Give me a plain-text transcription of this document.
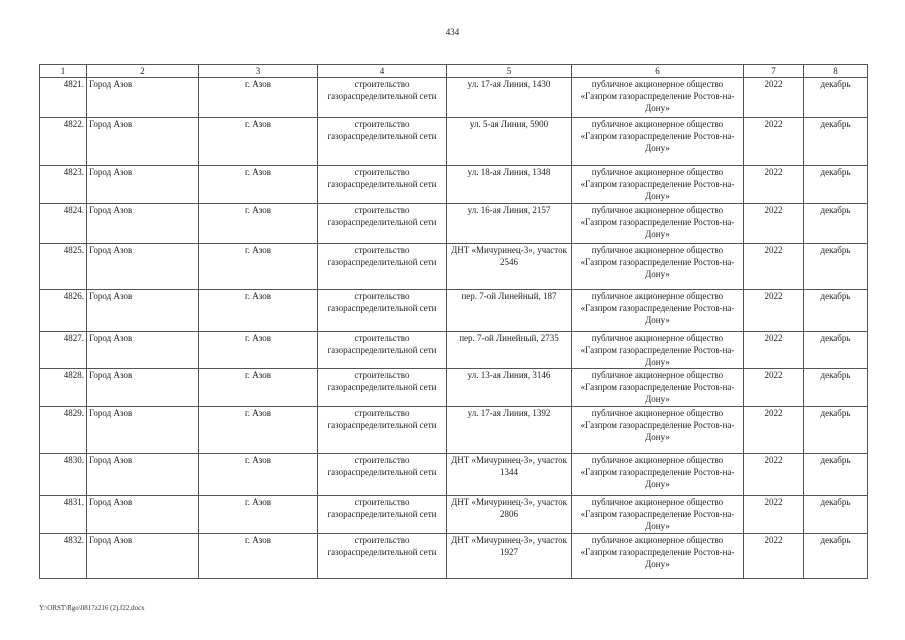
434
1	2	3	4	5	6	7	8
4821.	Город Азов	г. Азов	строительство газораспределительной сети	ул. 17-ая Линия, 1430	публичное акционерное общество «Газпром газораспределение Ростов-на-Дону»	2022	декабрь
4822.	Город Азов	г. Азов	строительство газораспределительной сети	ул. 5-ая Линия, 5900	публичное акционерное общество «Газпром газораспределение Ростов-на-Дону»	2022	декабрь
4823.	Город Азов	г. Азов	строительство газораспределительной сети	ул. 18-ая Линия, 1348	публичное акционерное общество «Газпром газораспределение Ростов-на-Дону»	2022	декабрь
4824.	Город Азов	г. Азов	строительство газораспределительной сети	ул. 16-ая Линия, 2157	публичное акционерное общество «Газпром газораспределение Ростов-на-Дону»	2022	декабрь
4825.	Город Азов	г. Азов	строительство газораспределительной сети	ДНТ «Мичуринец-3», участок 2546	публичное акционерное общество «Газпром газораспределение Ростов-на-Дону»	2022	декабрь
4826.	Город Азов	г. Азов	строительство газораспределительной сети	пер. 7-ой Линейный, 187	публичное акционерное общество «Газпром газораспределение Ростов-на-Дону»	2022	декабрь
4827.	Город Азов	г. Азов	строительство газораспределительной сети	пер. 7-ой Линейный, 2735	публичное акционерное общество «Газпром газораспределение Ростов-на-Дону»	2022	декабрь
4828.	Город Азов	г. Азов	строительство газораспределительной сети	ул. 13-ая Линия, 3146	публичное акционерное общество «Газпром газораспределение Ростов-на-Дону»	2022	декабрь
4829.	Город Азов	г. Азов	строительство газораспределительной сети	ул. 17-ая Линия, 1392	публичное акционерное общество «Газпром газораспределение Ростов-на-Дону»	2022	декабрь
4830.	Город Азов	г. Азов	строительство газораспределительной сети	ДНТ «Мичуринец-3», участок 1344	публичное акционерное общество «Газпром газораспределение Ростов-на-Дону»	2022	декабрь
4831.	Город Азов	г. Азов	строительство газораспределительной сети	ДНТ «Мичуринец-3», участок 2806	публичное акционерное общество «Газпром газораспределение Ростов-на-Дону»	2022	декабрь
4832.	Город Азов	г. Азов	строительство газораспределительной сети	ДНТ «Мичуринец-3», участок 1927	публичное акционерное общество «Газпром газораспределение Ростов-на-Дону»	2022	декабрь
Y:\ORST\Rgo\0817z216 (2).f22.docx
